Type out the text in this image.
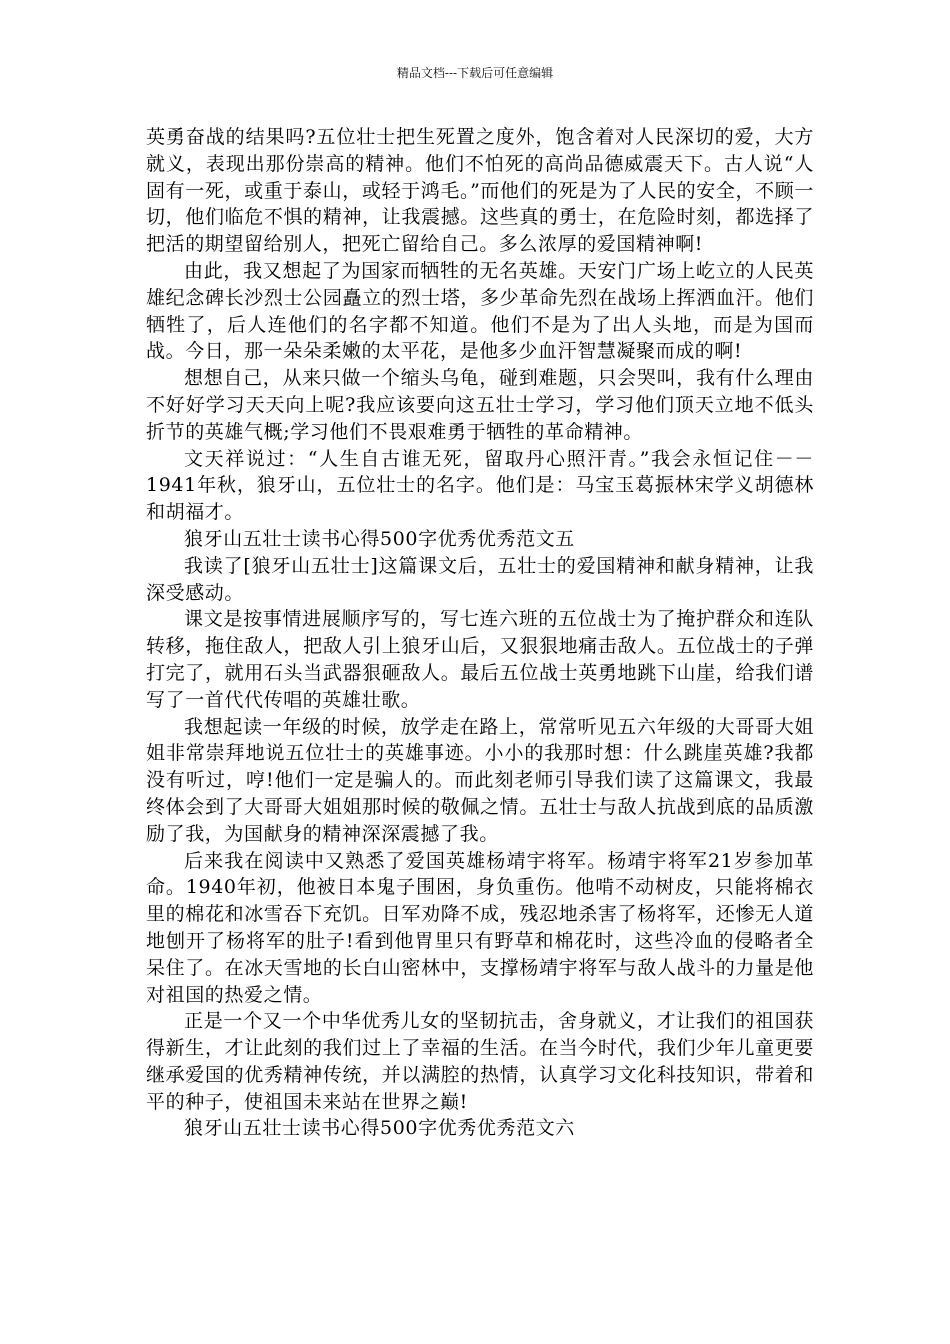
精品文档---下载后可任意编辑

英勇奋战的结果吗?五位壮士把生死置之度外，饱含着对人民深切的爱，大方就义，表现出那份崇高的精神。他们不怕死的高尚品德威震天下。古人说“人固有一死，或重于泰山，或轻于鸿毛。”而他们的死是为了人民的安全，不顾一切，他们临危不惧的精神，让我震撼。这些真的勇士，在危险时刻，都选择了把活的期望留给别人，把死亡留给自己。多么浓厚的爱国精神啊!

由此，我又想起了为国家而牺牲的无名英雄。天安门广场上屹立的人民英雄纪念碑长沙烈士公园矗立的烈士塔，多少革命先烈在战场上挥洒血汗。他们牺牲了，后人连他们的名字都不知道。他们不是为了出人头地，而是为国而战。今日，那一朵朵柔嫩的太平花，是他多少血汗智慧凝聚而成的啊!

想想自己，从来只做一个缩头乌龟，碰到难题，只会哭叫，我有什么理由不好好学习天天向上呢?我应该要向这五壮士学习，学习他们顶天立地不低头折节的英雄气概;学习他们不畏艰难勇于牺牲的革命精神。

文天祥说过：“人生自古谁无死，留取丹心照汗青。”我会永恒记住－－1941年秋，狼牙山，五位壮士的名字。他们是：马宝玉葛振林宋学义胡德林和胡福才。

狼牙山五壮士读书心得500字优秀优秀范文五

我读了[狼牙山五壮士]这篇课文后，五壮士的爱国精神和献身精神，让我深受感动。

课文是按事情进展顺序写的，写七连六班的五位战士为了掩护群众和连队转移，拖住敌人，把敌人引上狼牙山后，又狠狠地痛击敌人。五位战士的子弹打完了，就用石头当武器狠砸敌人。最后五位战士英勇地跳下山崖，给我们谱写了一首代代传唱的英雄壮歌。

我想起读一年级的时候，放学走在路上，常常听见五六年级的大哥哥大姐姐非常崇拜地说五位壮士的英雄事迹。小小的我那时想：什么跳崖英雄?我都没有听过，哼!他们一定是骗人的。而此刻老师引导我们读了这篇课文，我最终体会到了大哥哥大姐姐那时候的敬佩之情。五壮士与敌人抗战到底的品质激励了我，为国献身的精神深深震撼了我。

后来我在阅读中又熟悉了爱国英雄杨靖宇将军。杨靖宇将军21岁参加革命。1940年初，他被日本鬼子围困，身负重伤。他啃不动树皮，只能将棉衣里的棉花和冰雪吞下充饥。日军劝降不成，残忍地杀害了杨将军，还惨无人道地刨开了杨将军的肚子!看到他胃里只有野草和棉花时，这些冷血的侵略者全呆住了。在冰天雪地的长白山密林中，支撑杨靖宇将军与敌人战斗的力量是他对祖国的热爱之情。

正是一个又一个中华优秀儿女的坚韧抗击，舍身就义，才让我们的祖国获得新生，才让此刻的我们过上了幸福的生活。在当今时代，我们少年儿童更要继承爱国的优秀精神传统，并以满腔的热情，认真学习文化科技知识，带着和平的种子，使祖国未来站在世界之巅!

狼牙山五壮士读书心得500字优秀优秀范文六
